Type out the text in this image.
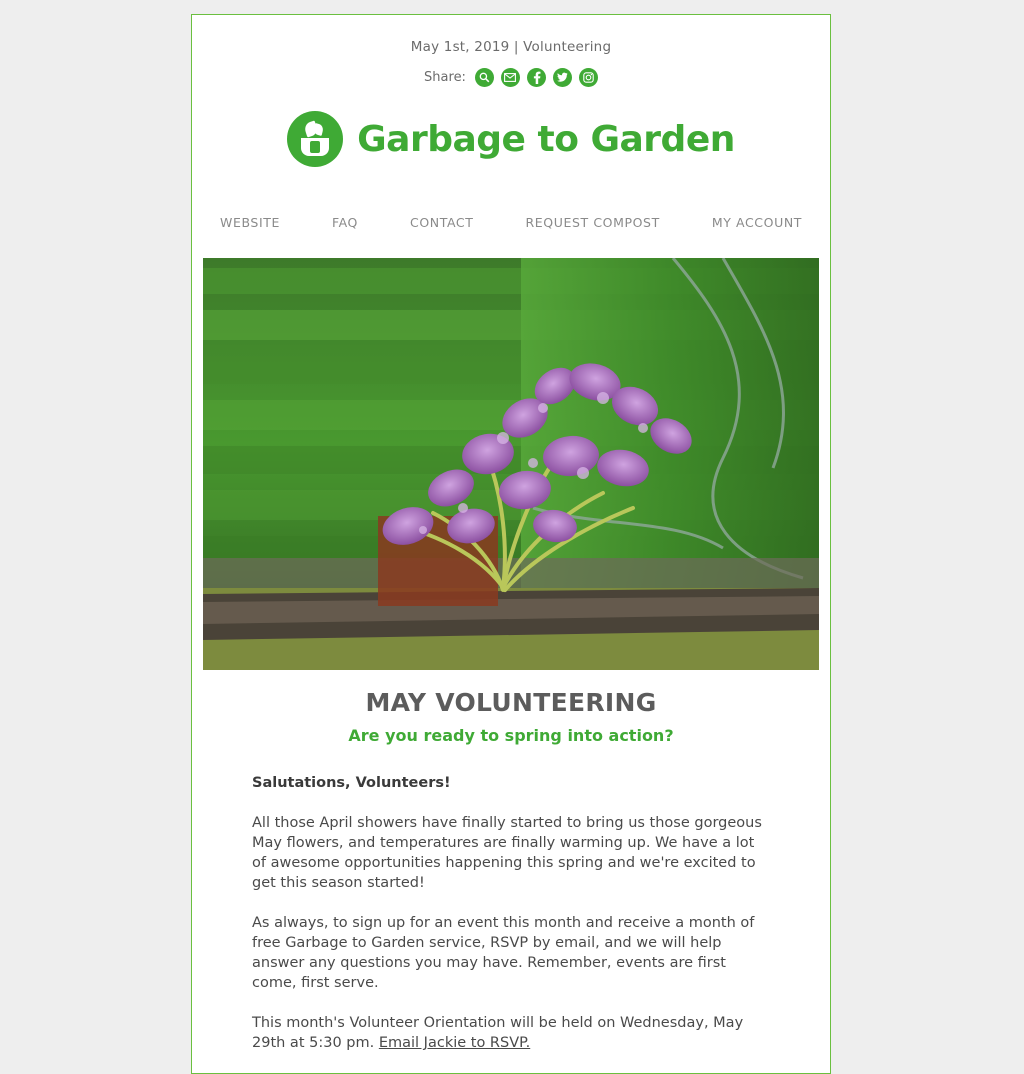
May 1st, 2019 | Volunteering
Share:
Garbage to Garden
WEBSITE	FAQ	CONTACT	REQUEST COMPOST	MY ACCOUNT
MAY VOLUNTEERING
Are you ready to spring into action?

Salutations, Volunteers!

All those April showers have finally started to bring us those gorgeous May flowers, and temperatures are finally warming up. We have a lot of awesome opportunities happening this spring and we're excited to get this season started!

As always, to sign up for an event this month and receive a month of free Garbage to Garden service, RSVP by email, and we will help answer any questions you may have. Remember, events are first come, first serve.

This month's Volunteer Orientation will be held on Wednesday, May 29th at 5:30 pm. Email Jackie to RSVP.
